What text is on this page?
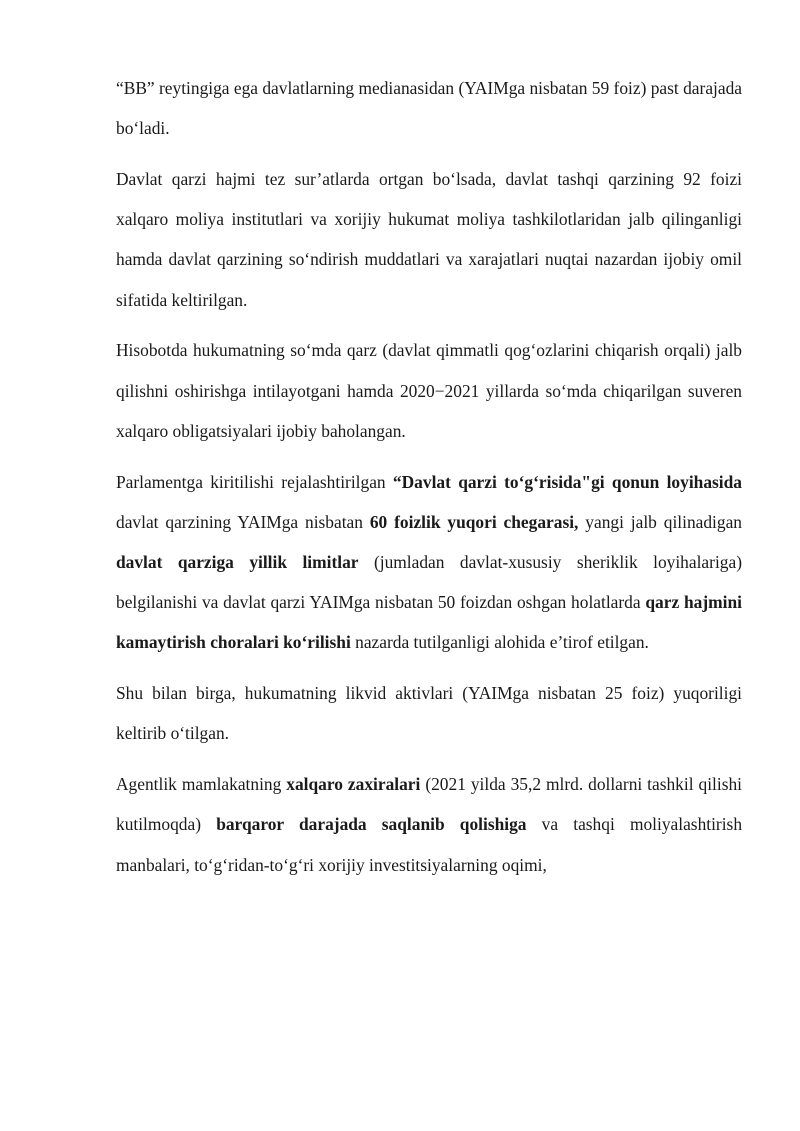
“BB” reytingiga ega davlatlarning medianasidan (YAIMga nisbatan 59 foiz) past darajada bo‘ladi.

Davlat qarzi hajmi tez sur’atlarda ortgan bo‘lsada, davlat tashqi qarzining 92 foizi xalqaro moliya institutlari va xorijiy hukumat moliya tashkilotlaridan jalb qilinganligi hamda davlat qarzining so‘ndirish muddatlari va xarajatlari nuqtai nazardan ijobiy omil sifatida keltirilgan.

Hisobotda hukumatning so‘mda qarz (davlat qimmatli qog‘ozlarini chiqarish orqali) jalb qilishni oshirishga intilayotgani hamda 2020−2021 yillarda so‘mda chiqarilgan suveren xalqaro obligatsiyalari ijobiy baholangan.

Parlamentga kiritilishi rejalashtirilgan “Davlat qarzi to‘g‘risida"gi qonun loyihasida davlat qarzining YAIMga nisbatan 60 foizlik yuqori chegarasi, yangi jalb qilinadigan davlat qarziga yillik limitlar (jumladan davlat-xususiy sheriklik loyihalariga) belgilanishi va davlat qarzi YAIMga nisbatan 50 foizdan oshgan holatlarda qarz hajmini kamaytirish choralari ko‘rilishi nazarda tutilganligi alohida e’tirof etilgan.

Shu bilan birga, hukumatning likvid aktivlari (YAIMga nisbatan 25 foiz) yuqoriligi keltirib o‘tilgan.

Agentlik mamlakatning xalqaro zaxiralari (2021 yilda 35,2 mlrd. dollarni tashkil qilishi kutilmoqda) barqaror darajada saqlanib qolishiga va tashqi moliyalashtirish manbalari, to‘g‘ridan-to‘g‘ri xorijiy investitsiyalarning oqimi,
